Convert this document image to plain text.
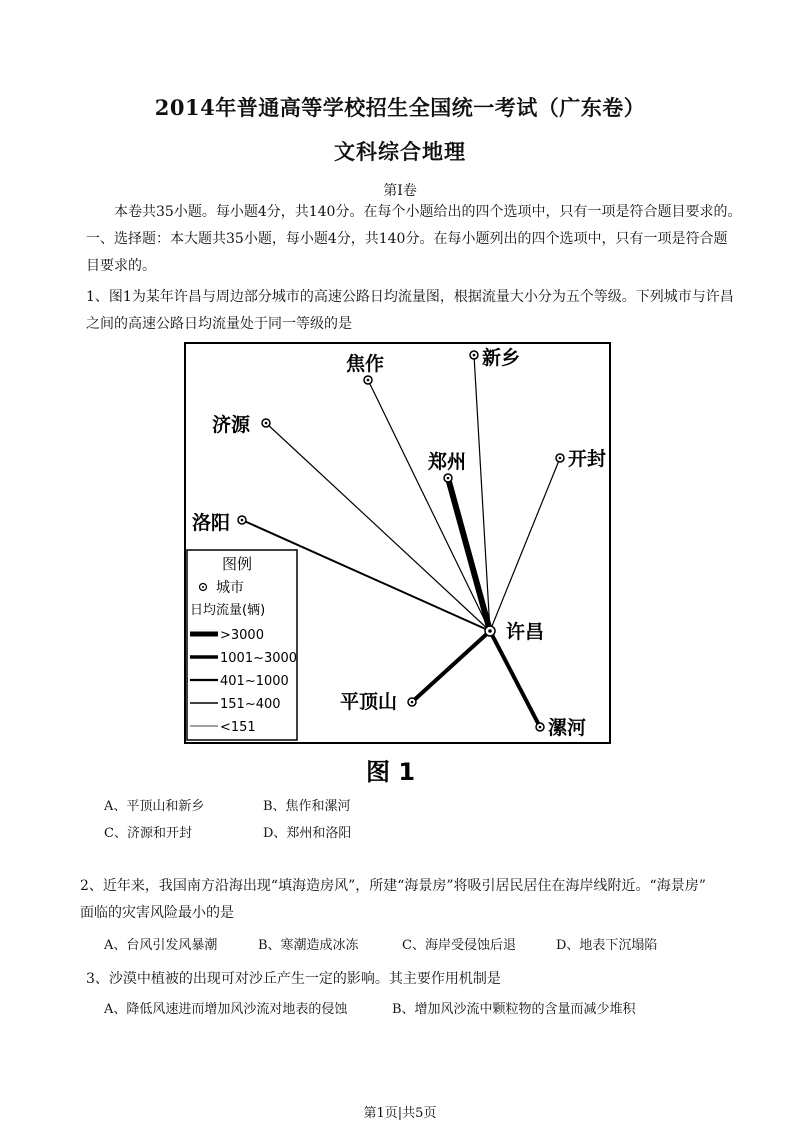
2014年普通高等学校招生全国统一考试（广东卷）
文科综合地理
第Ⅰ卷
本卷共35小题。每小题4分，共140分。在每个小题给出的四个选项中，只有一项是符合题目要求的。
一、选择题：本大题共35小题，每小题4分，共140分。在每小题列出的四个选项中，只有一项是符合题
目要求的。
1、图1为某年许昌与周边部分城市的高速公路日均流量图，根据流量大小分为五个等级。下列城市与许昌
之间的高速公路日均流量处于同一等级的是
焦作	新乡
济源
郑州	开封
洛阳
许昌
平顶山
漯河
图例
城市
日均流量(辆)
>3000
1001~3000
401~1000
151~400
<151
图 1
A、平顶山和新乡	B、焦作和漯河
C、济源和开封	D、郑州和洛阳
2、近年来，我国南方沿海出现“填海造房风”，所建“海景房”将吸引居民居住在海岸线附近。“海景房”
面临的灾害风险最小的是
A、台风引发风暴潮	B、寒潮造成冰冻	C、海岸受侵蚀后退	D、地表下沉塌陷
3、沙漠中植被的出现可对沙丘产生一定的影响。其主要作用机制是
A、降低风速进而增加风沙流对地表的侵蚀	B、增加风沙流中颗粒物的含量而减少堆积
第1页|共5页
